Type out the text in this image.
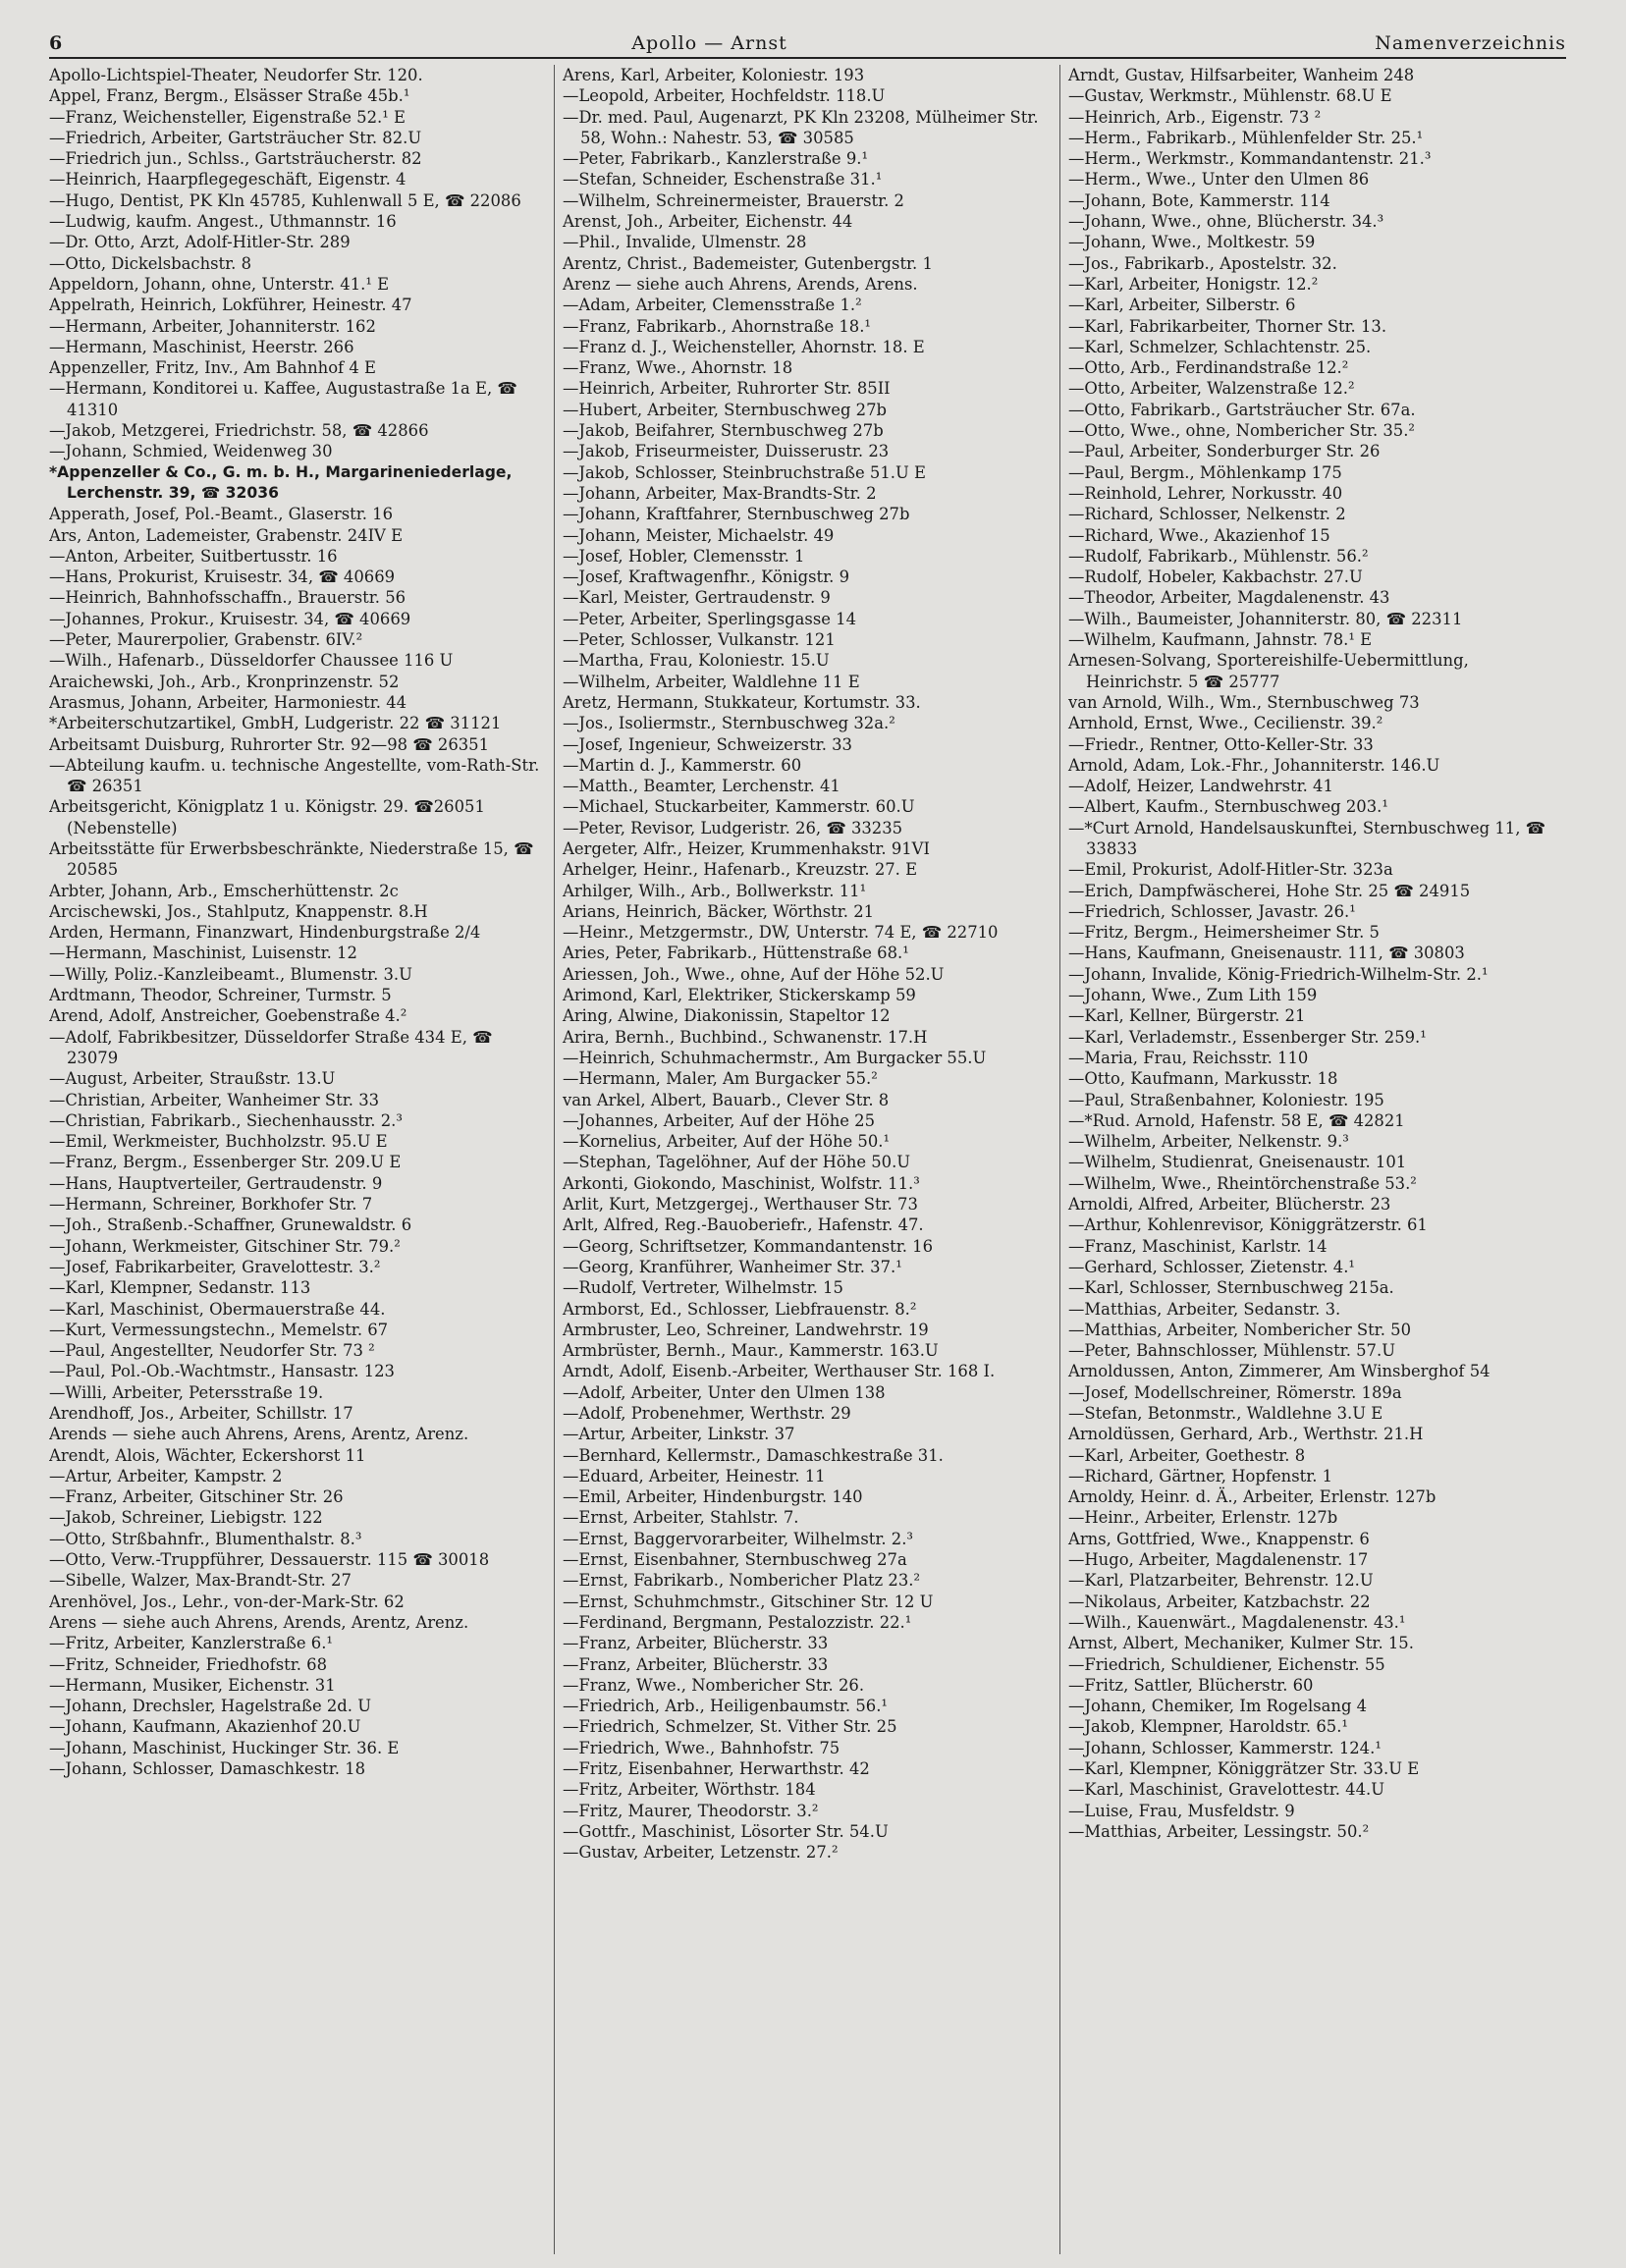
6	Apollo — Arnst	Namenverzeichnis
Apollo-Lichtspiel-Theater, Neudorfer Str. 120.
Appel, Franz, Bergm., Elsässer Straße 45b.¹
—Franz, Weichensteller, Eigenstraße 52.¹ E
—Friedrich, Arbeiter, Gartsträucher Str. 82.U
—Friedrich jun., Schlss., Gartsträucherstr. 82
—Heinrich, Haarpflegegeschäft, Eigenstr. 4
—Hugo, Dentist, PK Kln 45785, Kuhlenwall 5 E, ☎ 22086
—Ludwig, kaufm. Angest., Uthmannstr. 16
—Dr. Otto, Arzt, Adolf-Hitler-Str. 289
—Otto, Dickelsbachstr. 8
Appeldorn, Johann, ohne, Unterstr. 41.¹ E
Appelrath, Heinrich, Lokführer, Heinestr. 47
—Hermann, Arbeiter, Johanniterstr. 162
—Hermann, Maschinist, Heerstr. 266
Appenzeller, Fritz, Inv., Am Bahnhof 4 E
—Hermann, Konditorei u. Kaffee, Augustastraße 1a E, ☎ 41310
—Jakob, Metzgerei, Friedrichstr. 58, ☎ 42866
—Johann, Schmied, Weidenweg 30
*Appenzeller & Co., G. m. b. H., Margarineniederlage, Lerchenstr. 39, ☎ 32036
Apperath, Josef, Pol.-Beamt., Glaserstr. 16
Ars, Anton, Lademeister, Grabenstr. 24IV E
—Anton, Arbeiter, Suitbertusstr. 16
—Hans, Prokurist, Kruisestr. 34, ☎ 40669
—Heinrich, Bahnhofsschaffn., Brauerstr. 56
—Johannes, Prokur., Kruisestr. 34, ☎ 40669
—Peter, Maurerpolier, Grabenstr. 6IV.²
—Wilh., Hafenarb., Düsseldorfer Chaussee 116 U
Araichewski, Joh., Arb., Kronprinzenstr. 52
Arasmus, Johann, Arbeiter, Harmoniestr. 44
*Arbeiterschutzartikel, GmbH, Ludgeristr. 22 ☎ 31121
Arbeitsamt Duisburg, Ruhrorter Str. 92—98 ☎ 26351
—Abteilung kaufm. u. technische Angestellte, vom-Rath-Str. ☎ 26351
Arbeitsgericht, Königplatz 1 u. Königstr. 29. ☎26051 (Nebenstelle)
Arbeitsstätte für Erwerbsbeschränkte, Niederstraße 15, ☎ 20585
Arbter, Johann, Arb., Emscherhüttenstr. 2c
Arcischewski, Jos., Stahlputz, Knappenstr. 8.H
Arden, Hermann, Finanzwart, Hindenburgstraße 2/4
—Hermann, Maschinist, Luisenstr. 12
—Willy, Poliz.-Kanzleibeamt., Blumenstr. 3.U
Ardtmann, Theodor, Schreiner, Turmstr. 5
Arend, Adolf, Anstreicher, Goebenstraße 4.²
—Adolf, Fabrikbesitzer, Düsseldorfer Straße 434 E, ☎ 23079
—August, Arbeiter, Straußstr. 13.U
—Christian, Arbeiter, Wanheimer Str. 33
—Christian, Fabrikarb., Siechenhausstr. 2.³
—Emil, Werkmeister, Buchholzstr. 95.U E
—Franz, Bergm., Essenberger Str. 209.U E
—Hans, Hauptverteiler, Gertraudenstr. 9
—Hermann, Schreiner, Borkhofer Str. 7
—Joh., Straßenb.-Schaffner, Grunewaldstr. 6
—Johann, Werkmeister, Gitschiner Str. 79.²
—Josef, Fabrikarbeiter, Gravelottestr. 3.²
—Karl, Klempner, Sedanstr. 113
—Karl, Maschinist, Obermauerstraße 44.
—Kurt, Vermessungstechn., Memelstr. 67
—Paul, Angestellter, Neudorfer Str. 73 ²
—Paul, Pol.-Ob.-Wachtmstr., Hansastr. 123
—Willi, Arbeiter, Petersstraße 19.
Arendhoff, Jos., Arbeiter, Schillstr. 17
Arends — siehe auch Ahrens, Arens, Arentz, Arenz.
Arendt, Alois, Wächter, Eckershorst 11
—Artur, Arbeiter, Kampstr. 2
—Franz, Arbeiter, Gitschiner Str. 26
—Jakob, Schreiner, Liebigstr. 122
—Otto, Strßbahnfr., Blumenthalstr. 8.³
—Otto, Verw.-Truppführer, Dessauerstr. 115 ☎ 30018
—Sibelle, Walzer, Max-Brandt-Str. 27
Arenhövel, Jos., Lehr., von-der-Mark-Str. 62
Arens — siehe auch Ahrens, Arends, Arentz, Arenz.
—Fritz, Arbeiter, Kanzlerstraße 6.¹
—Fritz, Schneider, Friedhofstr. 68
—Hermann, Musiker, Eichenstr. 31
—Johann, Drechsler, Hagelstraße 2d. U
—Johann, Kaufmann, Akazienhof 20.U
—Johann, Maschinist, Huckinger Str. 36. E
—Johann, Schlosser, Damaschkestr. 18
Arens, Karl, Arbeiter, Koloniestr. 193
—Leopold, Arbeiter, Hochfeldstr. 118.U
—Dr. med. Paul, Augenarzt, PK Kln 23208, Mülheimer Str. 58, Wohn.: Nahestr. 53, ☎ 30585
—Peter, Fabrikarb., Kanzlerstraße 9.¹
—Stefan, Schneider, Eschenstraße 31.¹
—Wilhelm, Schreinermeister, Brauerstr. 2
Arenst, Joh., Arbeiter, Eichenstr. 44
—Phil., Invalide, Ulmenstr. 28
Arentz, Christ., Bademeister, Gutenbergstr. 1
Arenz — siehe auch Ahrens, Arends, Arens.
—Adam, Arbeiter, Clemensstraße 1.²
—Franz, Fabrikarb., Ahornstraße 18.¹
—Franz d. J., Weichensteller, Ahornstr. 18. E
—Franz, Wwe., Ahornstr. 18
—Heinrich, Arbeiter, Ruhrorter Str. 85II
—Hubert, Arbeiter, Sternbuschweg 27b
—Jakob, Beifahrer, Sternbuschweg 27b
—Jakob, Friseurmeister, Duisserustr. 23
—Jakob, Schlosser, Steinbruchstraße 51.U E
—Johann, Arbeiter, Max-Brandts-Str. 2
—Johann, Kraftfahrer, Sternbuschweg 27b
—Johann, Meister, Michaelstr. 49
—Josef, Hobler, Clemensstr. 1
—Josef, Kraftwagenfhr., Königstr. 9
—Karl, Meister, Gertraudenstr. 9
—Peter, Arbeiter, Sperlingsgasse 14
—Peter, Schlosser, Vulkanstr. 121
—Martha, Frau, Koloniestr. 15.U
—Wilhelm, Arbeiter, Waldlehne 11 E
Aretz, Hermann, Stukkateur, Kortumstr. 33.
—Jos., Isoliermstr., Sternbuschweg 32a.²
—Josef, Ingenieur, Schweizerstr. 33
—Martin d. J., Kammerstr. 60
—Matth., Beamter, Lerchenstr. 41
—Michael, Stuckarbeiter, Kammerstr. 60.U
—Peter, Revisor, Ludgeristr. 26, ☎ 33235
Aergeter, Alfr., Heizer, Krummenhakstr. 91VI
Arhelger, Heinr., Hafenarb., Kreuzstr. 27. E
Arhilger, Wilh., Arb., Bollwerkstr. 11¹
Arians, Heinrich, Bäcker, Wörthstr. 21
—Heinr., Metzgermstr., DW, Unterstr. 74 E, ☎ 22710
Aries, Peter, Fabrikarb., Hüttenstraße 68.¹
Ariessen, Joh., Wwe., ohne, Auf der Höhe 52.U
Arimond, Karl, Elektriker, Stickerskamp 59
Aring, Alwine, Diakonissin, Stapeltor 12
Arira, Bernh., Buchbind., Schwanenstr. 17.H
—Heinrich, Schuhmachermstr., Am Burgacker 55.U
—Hermann, Maler, Am Burgacker 55.²
van Arkel, Albert, Bauarb., Clever Str. 8
—Johannes, Arbeiter, Auf der Höhe 25
—Kornelius, Arbeiter, Auf der Höhe 50.¹
—Stephan, Tagelöhner, Auf der Höhe 50.U
Arkonti, Giokondo, Maschinist, Wolfstr. 11.³
Arlit, Kurt, Metzgergej., Werthauser Str. 73
Arlt, Alfred, Reg.-Bauoberiefr., Hafenstr. 47.
—Georg, Schriftsetzer, Kommandantenstr. 16
—Georg, Kranführer, Wanheimer Str. 37.¹
—Rudolf, Vertreter, Wilhelmstr. 15
Armborst, Ed., Schlosser, Liebfrauenstr. 8.²
Armbruster, Leo, Schreiner, Landwehrstr. 19
Armbrüster, Bernh., Maur., Kammerstr. 163.U
Arndt, Adolf, Eisenb.-Arbeiter, Werthauser Str. 168 I.
—Adolf, Arbeiter, Unter den Ulmen 138
—Adolf, Probenehmer, Werthstr. 29
—Artur, Arbeiter, Linkstr. 37
—Bernhard, Kellermstr., Damaschkestraße 31.
—Eduard, Arbeiter, Heinestr. 11
—Emil, Arbeiter, Hindenburgstr. 140
—Ernst, Arbeiter, Stahlstr. 7.
—Ernst, Baggervorarbeiter, Wilhelmstr. 2.³
—Ernst, Eisenbahner, Sternbuschweg 27a
—Ernst, Fabrikarb., Nombericher Platz 23.²
—Ernst, Schuhmchmstr., Gitschiner Str. 12 U
—Ferdinand, Bergmann, Pestalozzistr. 22.¹
—Franz, Arbeiter, Blücherstr. 33
—Franz, Arbeiter, Blücherstr. 33
—Franz, Wwe., Nombericher Str. 26.
—Friedrich, Arb., Heiligenbaumstr. 56.¹
—Friedrich, Schmelzer, St. Vither Str. 25
—Friedrich, Wwe., Bahnhofstr. 75
—Fritz, Eisenbahner, Herwarthstr. 42
—Fritz, Arbeiter, Wörthstr. 184
—Fritz, Maurer, Theodorstr. 3.²
—Gottfr., Maschinist, Lösorter Str. 54.U
—Gustav, Arbeiter, Letzenstr. 27.²
Arndt, Gustav, Hilfsarbeiter, Wanheim 248
—Gustav, Werkmstr., Mühlenstr. 68.U E
—Heinrich, Arb., Eigenstr. 73 ²
—Herm., Fabrikarb., Mühlenfelder Str. 25.¹
—Herm., Werkmstr., Kommandantenstr. 21.³
—Herm., Wwe., Unter den Ulmen 86
—Johann, Bote, Kammerstr. 114
—Johann, Wwe., ohne, Blücherstr. 34.³
—Johann, Wwe., Moltkestr. 59
—Jos., Fabrikarb., Apostelstr. 32.
—Karl, Arbeiter, Honigstr. 12.²
—Karl, Arbeiter, Silberstr. 6
—Karl, Fabrikarbeiter, Thorner Str. 13.
—Karl, Schmelzer, Schlachtenstr. 25.
—Otto, Arb., Ferdinandstraße 12.²
—Otto, Arbeiter, Walzenstraße 12.²
—Otto, Fabrikarb., Gartsträucher Str. 67a.
—Otto, Wwe., ohne, Nombericher Str. 35.²
—Paul, Arbeiter, Sonderburger Str. 26
—Paul, Bergm., Möhlenkamp 175
—Reinhold, Lehrer, Norkusstr. 40
—Richard, Schlosser, Nelkenstr. 2
—Richard, Wwe., Akazienhof 15
—Rudolf, Fabrikarb., Mühlenstr. 56.²
—Rudolf, Hobeler, Kakbachstr. 27.U
—Theodor, Arbeiter, Magdalenenstr. 43
—Wilh., Baumeister, Johanniterstr. 80, ☎ 22311
—Wilhelm, Kaufmann, Jahnstr. 78.¹ E
Arnesen-Solvang, Sportereishilfe-Uebermittlung, Heinrichstr. 5 ☎ 25777
van Arnold, Wilh., Wm., Sternbuschweg 73
Arnhold, Ernst, Wwe., Cecilienstr. 39.²
—Friedr., Rentner, Otto-Keller-Str. 33
Arnold, Adam, Lok.-Fhr., Johanniterstr. 146.U
—Adolf, Heizer, Landwehrstr. 41
—Albert, Kaufm., Sternbuschweg 203.¹
—*Curt Arnold, Handelsauskunftei, Sternbuschweg 11, ☎ 33833
—Emil, Prokurist, Adolf-Hitler-Str. 323a
—Erich, Dampfwäscherei, Hohe Str. 25 ☎ 24915
—Friedrich, Schlosser, Javastr. 26.¹
—Fritz, Bergm., Heimersheimer Str. 5
—Hans, Kaufmann, Gneisenaustr. 111, ☎ 30803
—Johann, Invalide, König-Friedrich-Wilhelm-Str. 2.¹
—Johann, Wwe., Zum Lith 159
—Karl, Kellner, Bürgerstr. 21
—Karl, Verlademstr., Essenberger Str. 259.¹
—Maria, Frau, Reichsstr. 110
—Otto, Kaufmann, Markusstr. 18
—Paul, Straßenbahner, Koloniestr. 195
—*Rud. Arnold, Hafenstr. 58 E, ☎ 42821
—Wilhelm, Arbeiter, Nelkenstr. 9.³
—Wilhelm, Studienrat, Gneisenaustr. 101
—Wilhelm, Wwe., Rheintörchenstraße 53.²
Arnoldi, Alfred, Arbeiter, Blücherstr. 23
—Arthur, Kohlenrevisor, Königgrätzerstr. 61
—Franz, Maschinist, Karlstr. 14
—Gerhard, Schlosser, Zietenstr. 4.¹
—Karl, Schlosser, Sternbuschweg 215a.
—Matthias, Arbeiter, Sedanstr. 3.
—Matthias, Arbeiter, Nombericher Str. 50
—Peter, Bahnschlosser, Mühlenstr. 57.U
Arnoldussen, Anton, Zimmerer, Am Winsberghof 54
—Josef, Modellschreiner, Römerstr. 189a
—Stefan, Betonmstr., Waldlehne 3.U E
Arnoldüssen, Gerhard, Arb., Werthstr. 21.H
—Karl, Arbeiter, Goethestr. 8
—Richard, Gärtner, Hopfenstr. 1
Arnoldy, Heinr. d. Ä., Arbeiter, Erlenstr. 127b
—Heinr., Arbeiter, Erlenstr. 127b
Arns, Gottfried, Wwe., Knappenstr. 6
—Hugo, Arbeiter, Magdalenenstr. 17
—Karl, Platzarbeiter, Behrenstr. 12.U
—Nikolaus, Arbeiter, Katzbachstr. 22
—Wilh., Kauenwärt., Magdalenenstr. 43.¹
Arnst, Albert, Mechaniker, Kulmer Str. 15.
—Friedrich, Schuldiener, Eichenstr. 55
—Fritz, Sattler, Blücherstr. 60
—Johann, Chemiker, Im Rogelsang 4
—Jakob, Klempner, Haroldstr. 65.¹
—Johann, Schlosser, Kammerstr. 124.¹
—Karl, Klempner, Königgrätzer Str. 33.U E
—Karl, Maschinist, Gravelottestr. 44.U
—Luise, Frau, Musfeldstr. 9
—Matthias, Arbeiter, Lessingstr. 50.²
